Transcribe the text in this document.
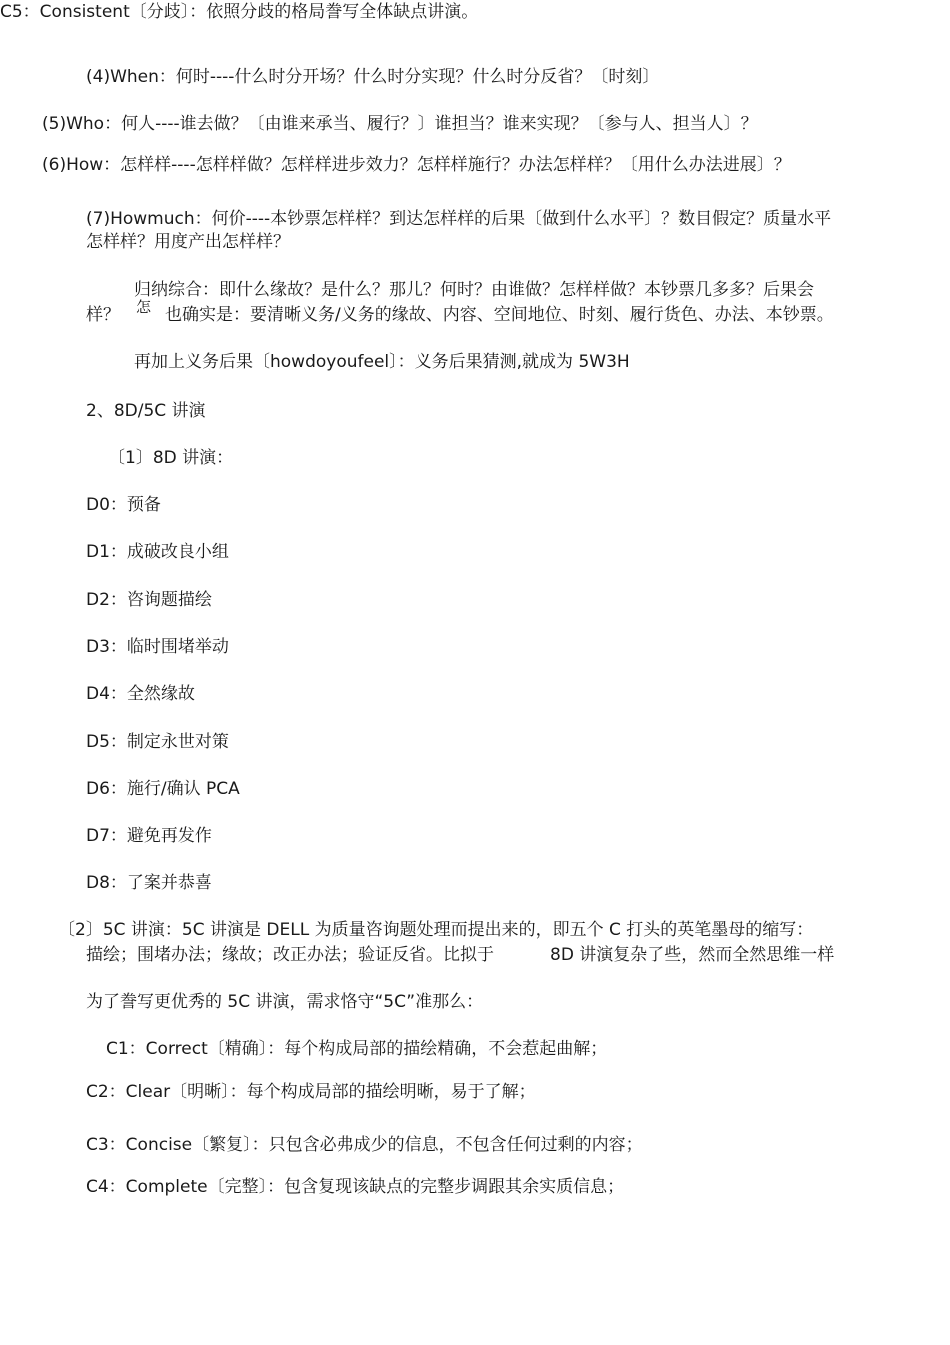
C5：Consistent〔分歧〕：依照分歧的格局誊写全体缺点讲演。
(4)When：何时----什么时分开场？什么时分实现？什么时分反省？〔时刻〕
(5)Who：何人----谁去做？〔由谁来承当、履行？〕谁担当？谁来实现？〔参与人、担当人〕？
(6)How：怎样样----怎样样做？怎样样进步效力？怎样样施行？办法怎样样？〔用什么办法进展〕？
(7)Howmuch：何价----本钞票怎样样？到达怎样样的后果〔做到什么水平〕？数目假定？质量水平
怎样样？用度产出怎样样？
归纳综合：即什么缘故？是什么？那儿？何时？由谁做？怎样样做？本钞票几多多？后果会
样？ 怎 也确实是：要清晰义务/义务的缘故、内容、空间地位、时刻、履行货色、办法、本钞票。
再加上义务后果〔howdoyoufeel〕：义务后果猜测,就成为 5W3H
2、8D/5C 讲演
〔1〕8D 讲演：
D0：预备
D1：成破改良小组
D2：咨询题描绘
D3：临时围堵举动
D4：全然缘故
D5：制定永世对策
D6：施行/确认 PCA
D7：避免再发作
D8：了案并恭喜
〔2〕5C 讲演：5C 讲演是 DELL 为质量咨询题处理而提出来的，即五个 C 打头的英笔墨母的缩写：
描绘；围堵办法；缘故；改正办法；验证反省。比拟于	8D 讲演复杂了些，然而全然思维一样
为了誊写更优秀的 5C 讲演，需求恪守“5C”准那么：
C1：Correct〔精确〕：每个构成局部的描绘精确，不会惹起曲解；
C2：Clear〔明晰〕：每个构成局部的描绘明晰，易于了解；
C3：Concise〔繁复〕：只包含必弗成少的信息，不包含任何过剩的内容；
C4：Complete〔完整〕：包含复现该缺点的完整步调跟其余实质信息；
